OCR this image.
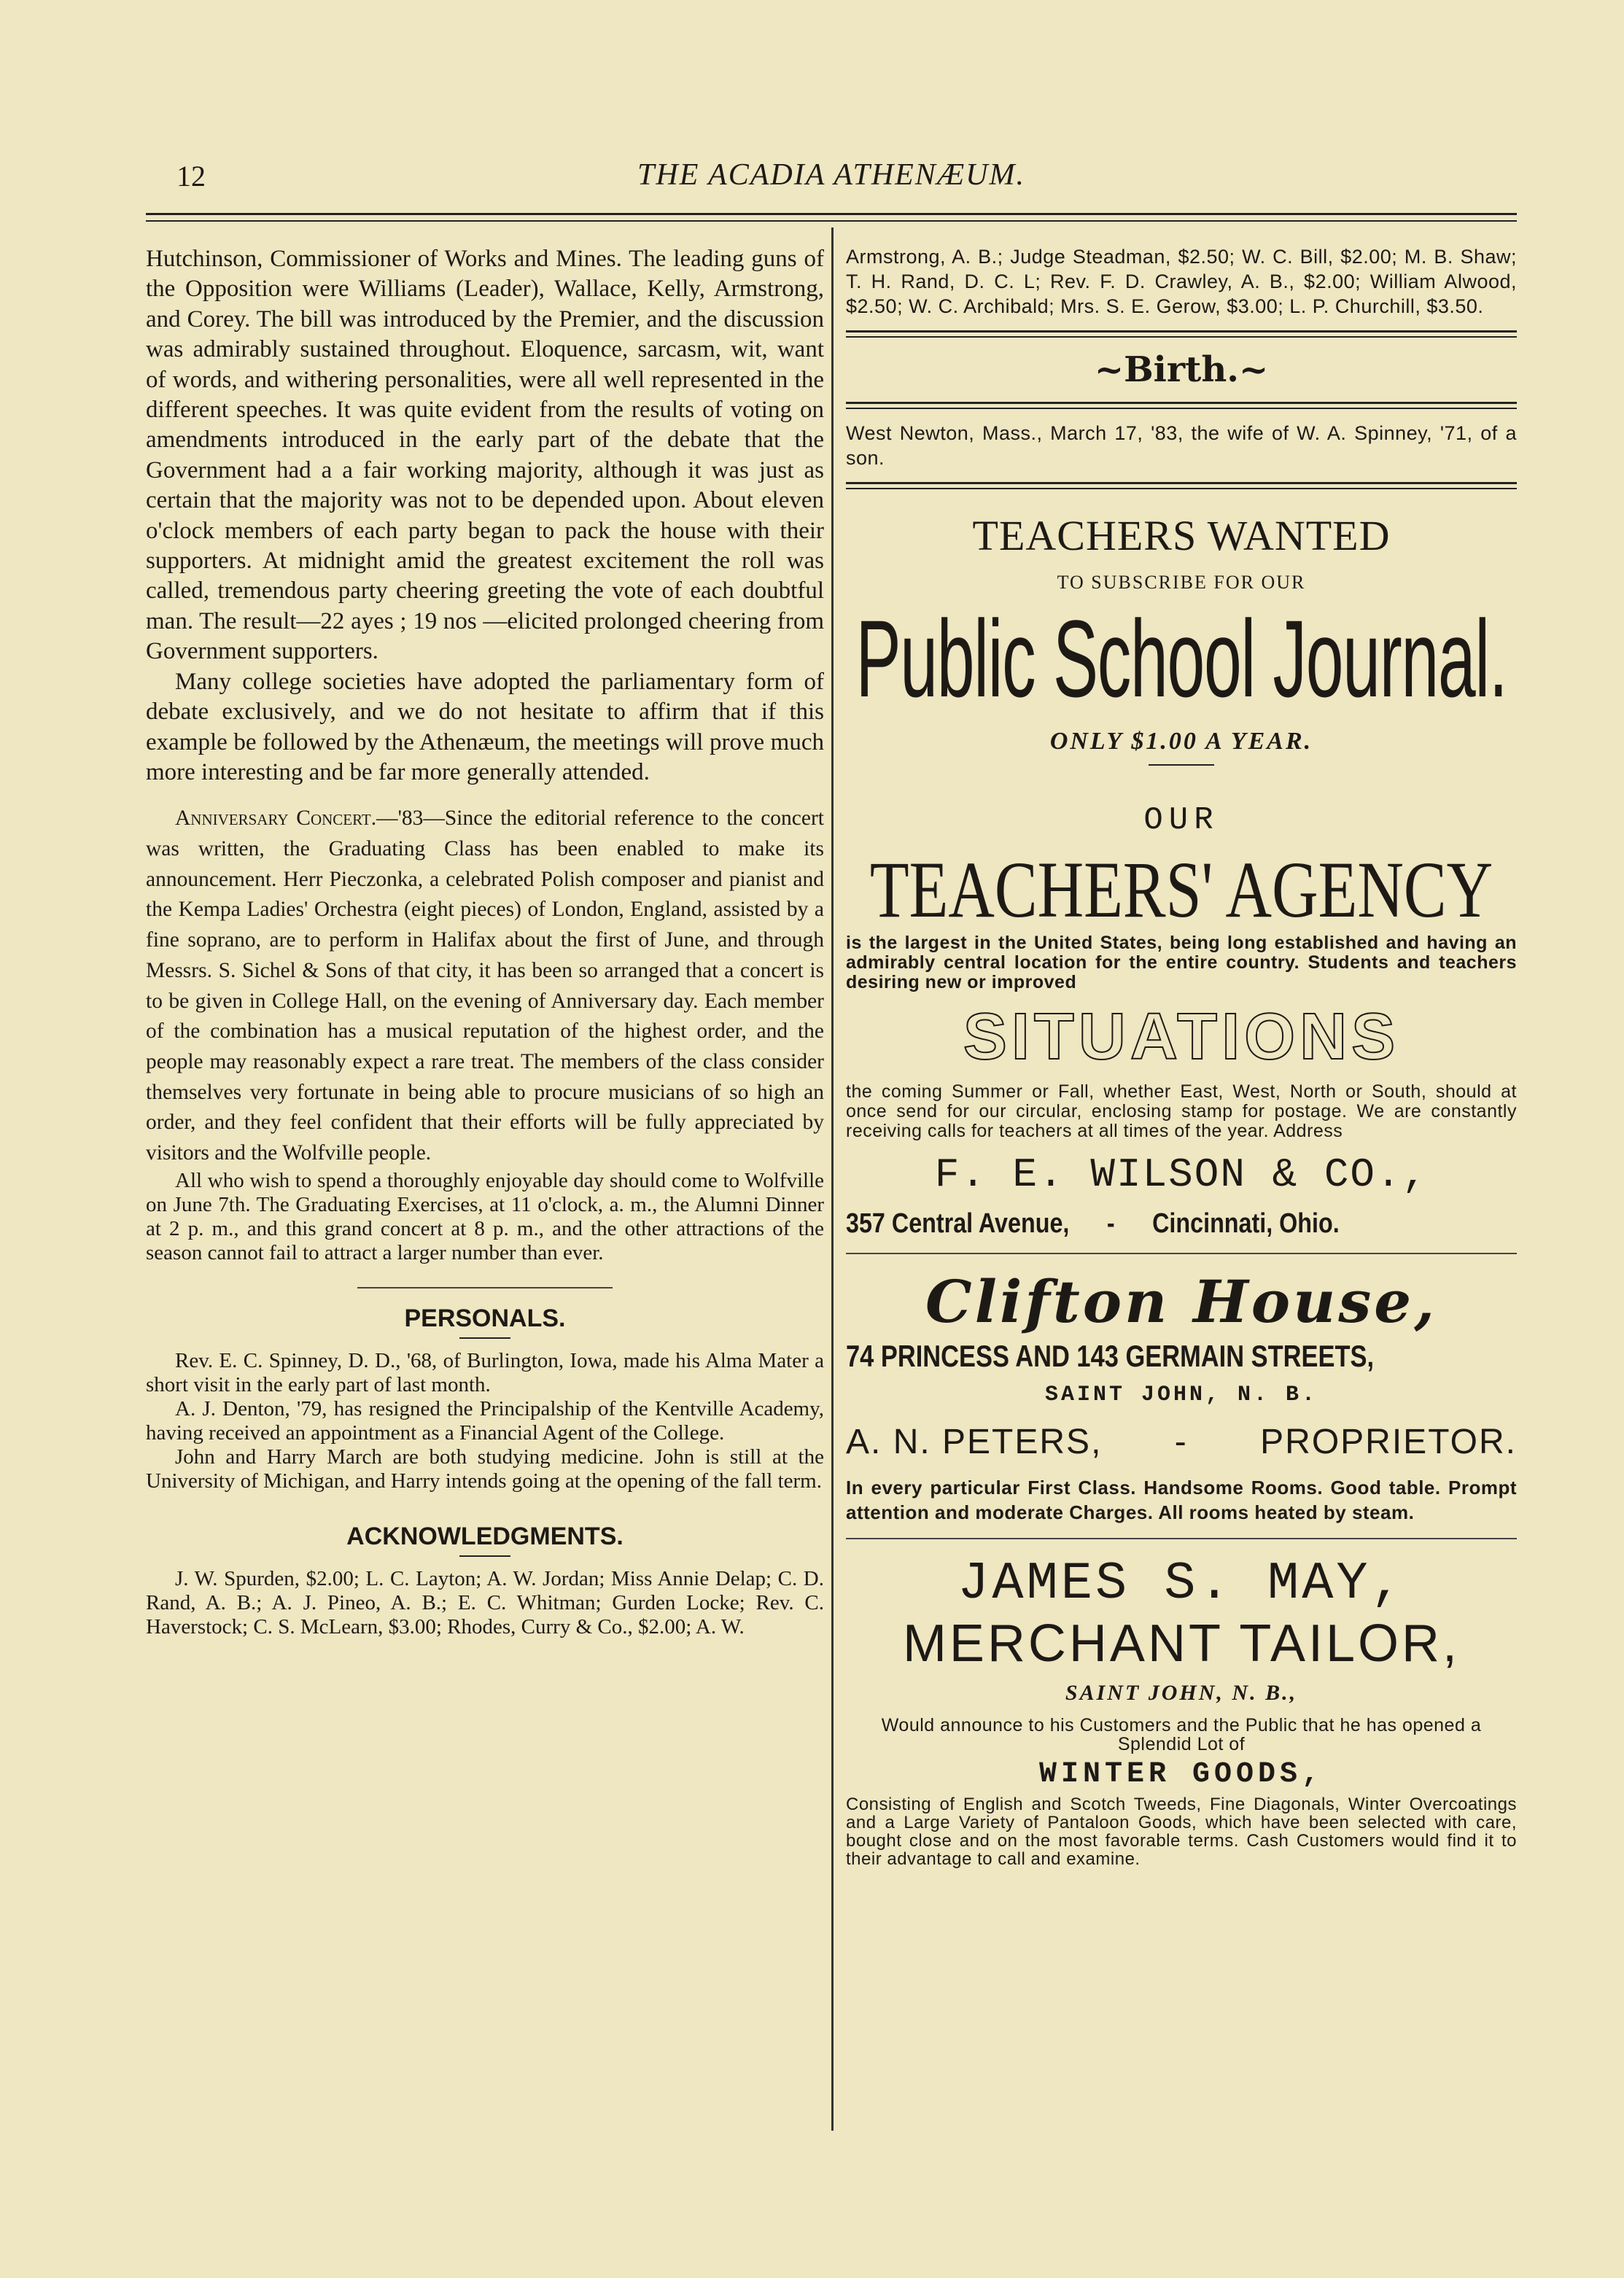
12	THE ACADIA ATHENÆUM.

Hutchinson, Commissioner of Works and Mines. The leading guns of the Opposition were Williams (Leader), Wallace, Kelly, Armstrong, and Corey. The bill was introduced by the Premier, and the discussion was admirably sustained throughout. Eloquence, sarcasm, wit, want of words, and withering personalities, were all well represented in the different speeches. It was quite evident from the results of voting on amendments introduced in the early part of the debate that the Government had a a fair working majority, although it was just as certain that the majority was not to be depended upon. About eleven o'clock members of each party began to pack the house with their supporters. At midnight amid the greatest excitement the roll was called, tremendous party cheering greeting the vote of each doubtful man. The result—22 ayes ; 19 nos —elicited prolonged cheering from Government supporters.

Many college societies have adopted the parliamentary form of debate exclusively, and we do not hesitate to affirm that if this example be followed by the Athenæum, the meetings will prove much more interesting and be far more generally attended.

Anniversary Concert.—'83—Since the editorial reference to the concert was written, the Graduating Class has been enabled to make its announcement. Herr Pieczonka, a celebrated Polish composer and pianist and the Kempa Ladies' Orchestra (eight pieces) of London, England, assisted by a fine soprano, are to perform in Halifax about the first of June, and through Messrs. S. Sichel & Sons of that city, it has been so arranged that a concert is to be given in College Hall, on the evening of Anniversary day. Each member of the combination has a musical reputation of the highest order, and the people may reasonably expect a rare treat. The members of the class consider themselves very fortunate in being able to procure musicians of so high an order, and they feel confident that their efforts will be fully appreciated by visitors and the Wolfville people.

All who wish to spend a thoroughly enjoyable day should come to Wolfville on June 7th. The Graduating Exercises, at 11 o'clock, a. m., the Alumni Dinner at 2 p. m., and this grand concert at 8 p. m., and the other attractions of the season cannot fail to attract a larger number than ever.

PERSONALS.

Rev. E. C. Spinney, D. D., '68, of Burlington, Iowa, made his Alma Mater a short visit in the early part of last month.

A. J. Denton, '79, has resigned the Principalship of the Kentville Academy, having received an appointment as a Financial Agent of the College.

John and Harry March are both studying medicine. John is still at the University of Michigan, and Harry intends going at the opening of the fall term.

ACKNOWLEDGMENTS.

J. W. Spurden, $2.00; L. C. Layton; A. W. Jordan; Miss Annie Delap; C. D. Rand, A. B.; A. J. Pineo, A. B.; E. C. Whitman; Gurden Locke; Rev. C. Haverstock; C. S. McLearn, $3.00; Rhodes, Curry & Co., $2.00; A. W.

Armstrong, A. B.; Judge Steadman, $2.50; W. C. Bill, $2.00; M. B. Shaw; T. H. Rand, D. C. L; Rev. F. D. Crawley, A. B., $2.00; William Alwood, $2.50; W. C. Archibald; Mrs. S. E. Gerow, $3.00; L. P. Churchill, $3.50.

~Birth.~

West Newton, Mass., March 17, '83, the wife of W. A. Spinney, '71, of a son.

TEACHERS WANTED
TO SUBSCRIBE FOR OUR
Public School Journal.
ONLY $1.00 A YEAR.
OUR
TEACHERS' AGENCY

is the largest in the United States, being long established and having an admirably central location for the entire country. Students and teachers desiring new or improved

SITUATIONS

the coming Summer or Fall, whether East, West, North or South, should at once send for our circular, enclosing stamp for postage. We are constantly receiving calls for teachers at all times of the year. Address

F. E. WILSON & CO.,
357 Central Avenue, - Cincinnati, Ohio.
Clifton House,
74 PRINCESS AND 143 GERMAIN STREETS,
SAINT JOHN, N. B.
A. N. PETERS, - PROPRIETOR.

In every particular First Class. Handsome Rooms. Good table. Prompt attention and moderate Charges. All rooms heated by steam.

JAMES S. MAY,
MERCHANT TAILOR,
SAINT JOHN, N. B.,

Would announce to his Customers and the Public that he has opened a Splendid Lot of

WINTER GOODS,

Consisting of English and Scotch Tweeds, Fine Diagonals, Winter Overcoatings and a Large Variety of Pantaloon Goods, which have been selected with care, bought close and on the most favorable terms. Cash Customers would find it to their advantage to call and examine.
